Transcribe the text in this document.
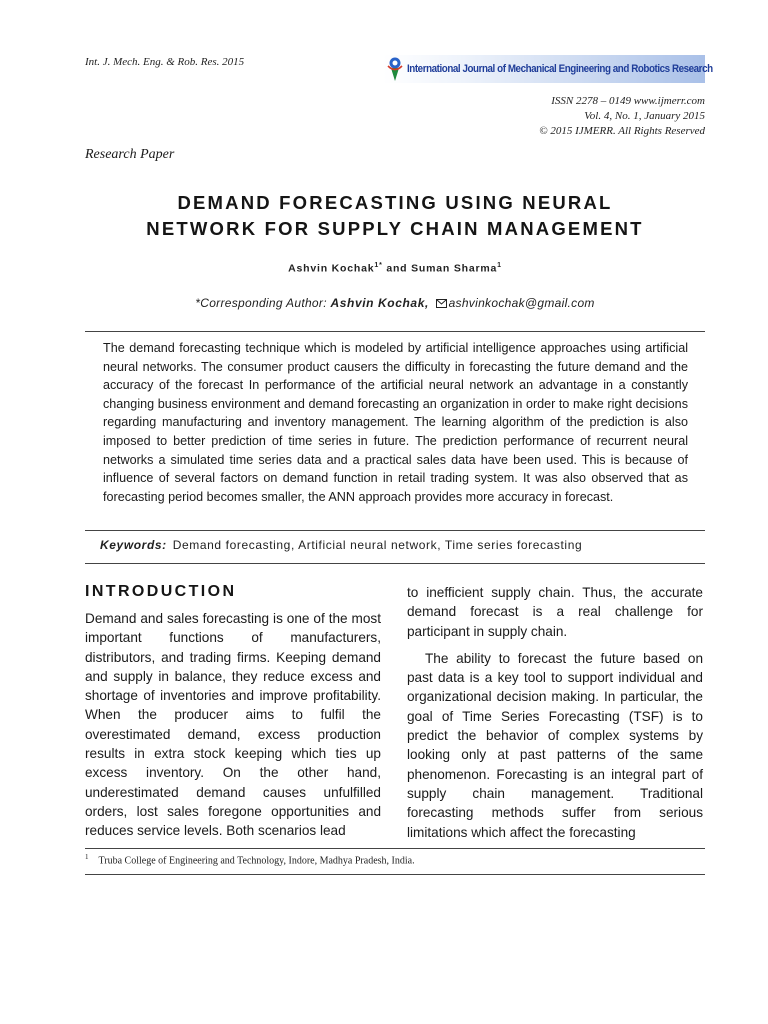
Int. J. Mech. Eng. & Rob. Res. 2015
International Journal of Mechanical Engineering and Robotics Research
ISSN 2278 – 0149 www.ijmerr.com
Vol. 4, No. 1, January 2015
© 2015 IJMERR. All Rights Reserved
Research Paper
DEMAND FORECASTING USING NEURAL
NETWORK FOR SUPPLY CHAIN MANAGEMENT
Ashvin Kochak$^{1*}$ and Suman Sharma$^1$
*Corresponding Author: Ashvin Kochak, ashvinkochak@gmail.com
The demand forecasting technique which is modeled by artificial intelligence approaches using artificial neural networks. The consumer product causers the difficulty in forecasting the future demand and the accuracy of the forecast In performance of the artificial neural network an advantage in a constantly changing business environment and demand forecasting an organization in order to make right decisions regarding manufacturing and inventory management. The learning algorithm of the prediction is also imposed to better prediction of time series in future. The prediction performance of recurrent neural networks a simulated time series data and a practical sales data have been used. This is because of influence of several factors on demand function in retail trading system. It was also observed that as forecasting period becomes smaller, the ANN approach provides more accuracy in forecast.
Keywords: Demand forecasting, Artificial neural network, Time series forecasting
INTRODUCTION

Demand and sales forecasting is one of the most important functions of manufacturers, distributors, and trading firms. Keeping demand and supply in balance, they reduce excess and shortage of inventories and improve profitability. When the producer aims to fulfil the overestimated demand, excess production results in extra stock keeping which ties up excess inventory. On the other hand, underestimated demand causes unfulfilled orders, lost sales foregone opportunities and reduces service levels. Both scenarios lead

to inefficient supply chain. Thus, the accurate demand forecast is a real challenge for participant in supply chain.

The ability to forecast the future based on past data is a key tool to support individual and organizational decision making. In particular, the goal of Time Series Forecasting (TSF) is to predict the behavior of complex systems by looking only at past patterns of the same phenomenon. Forecasting is an integral part of supply chain management. Traditional forecasting methods suffer from serious limitations which affect the forecasting

$^1$ Truba College of Engineering and Technology, Indore, Madhya Pradesh, India.
